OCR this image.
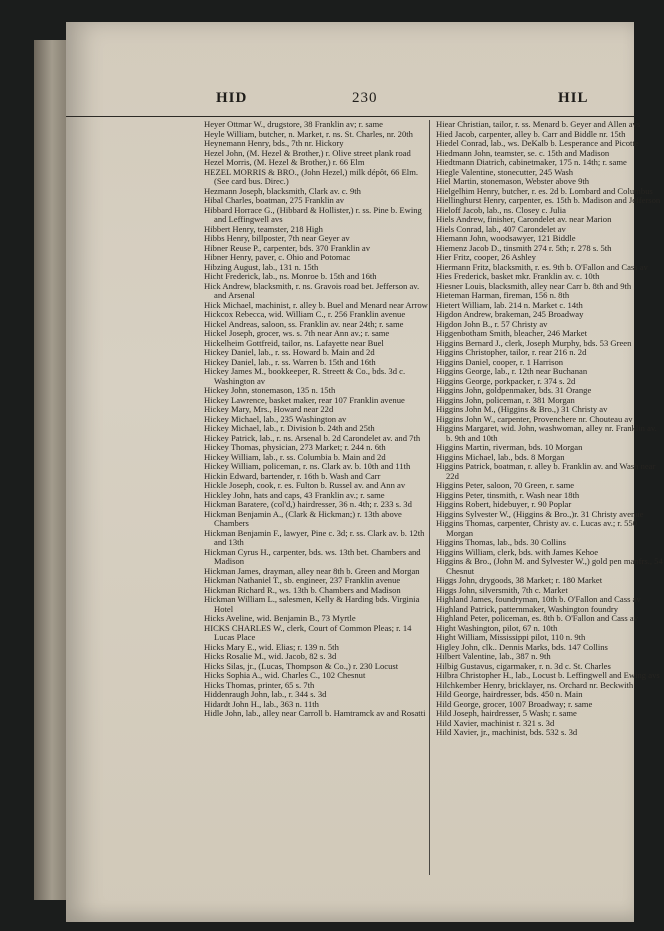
HID	230	HIL

Heyer Ottmar W., drugstore, 38 Franklin av; r. same

Heyle William, butcher, n. Market, r. ns. St. Charles, nr. 20th

Heynemann Henry, bds., 7th nr. Hickory

Hezel John, (M. Hezel & Brother,) r. Olive street plank road

Hezel Morris, (M. Hezel & Brother,) r. 66 Elm

HEZEL MORRIS & BRO., (John Hezel,) milk dépôt, 66 Elm. (See card bus. Direc.)

Hezmann Joseph, blacksmith, Clark av. c. 9th

Hibal Charles, boatman, 275 Franklin av

Hibbard Horrace G., (Hibbard & Hollister,) r. ss. Pine b. Ewing and Leffingwell avs

Hibbert Henry, teamster, 218 High

Hibbs Henry, billposter, 7th near Geyer av

Hibner Reuse P., carpenter, bds. 370 Franklin av

Hibner Henry, paver, c. Ohio and Potomac

Hibzing August, lab., 131 n. 15th

Hicht Frederick, lab., ns. Monroe b. 15th and 16th

Hick Andrew, blacksmith, r. ns. Gravois road bet. Jefferson av. and Arsenal

Hick Michael, machinist, r. alley b. Buel and Menard near Arrow

Hickcox Rebecca, wid. William C., r. 256 Franklin avenue

Hickel Andreas, saloon, ss. Franklin av. near 24th; r. same

Hickel Joseph, grocer, ws. s. 7th near Ann av.; r. same

Hickelheim Gottfreid, tailor, ns. Lafayette near Buel

Hickey Daniel, lab., r. ss. Howard b. Main and 2d

Hickey Daniel, lab., r. ss. Warren b. 15th and 16th

Hickey James M., bookkeeper, R. Streett & Co., bds. 3d c. Washington av

Hickey John, stonemason, 135 n. 15th

Hickey Lawrence, basket maker, rear 107 Franklin avenue

Hickey Mary, Mrs., Howard near 22d

Hickey Michael, lab., 235 Washington av

Hickey Michael, lab., r. Division b. 24th and 25th

Hickey Patrick, lab., r. ns. Arsenal b. 2d Carondelet av. and 7th

Hickey Thomas, physician, 273 Market; r. 244 n. 6th

Hickey William, lab., r. ss. Columbia b. Main and 2d

Hickey William, policeman, r. ns. Clark av. b. 10th and 11th

Hickin Edward, bartender, r. 16th b. Wash and Carr

Hickle Joseph, cook, r. es. Fulton b. Russel av. and Ann av

Hickley John, hats and caps, 43 Franklin av.; r. same

Hickman Baratere, (col'd,) hairdresser, 36 n. 4th; r. 233 s. 3d

Hickman Benjamin A., (Clark & Hickman;) r. 13th above Chambers

Hickman Benjamin F., lawyer, Pine c. 3d; r. ss. Clark av. b. 12th and 13th

Hickman Cyrus H., carpenter, bds. ws. 13th bet. Chambers and Madison

Hickman James, drayman, alley near 8th b. Green and Morgan

Hickman Nathaniel T., sb. engineer, 237 Franklin avenue

Hickman Richard R., ws. 13th b. Chambers and Madison

Hickman William L., salesmen, Kelly & Harding bds. Virginia Hotel

Hicks Aveline, wid. Benjamin B., 73 Myrtle

HICKS CHARLES W., clerk, Court of Common Pleas; r. 14 Lucas Place

Hicks Mary E., wid. Elias; r. 139 n. 5th

Hicks Rosalie M., wid. Jacob, 82 s. 3d

Hicks Silas, jr., (Lucas, Thompson & Co.,) r. 230 Locust

Hicks Sophia A., wid. Charles C., 102 Chesnut

Hicks Thomas, printer, 65 s. 7th

Hiddenraugh John, lab., r. 344 s. 3d

Hidardt John H., lab., 363 n. 11th

Hidle John, lab., alley near Carroll b. Hamtramck av and Rosatti

Hiear Christian, tailor, r. ss. Menard b. Geyer and Allen avs

Hied Jacob, carpenter, alley b. Carr and Biddle nr. 15th

Hiedel Conrad, lab., ws. DeKalb b. Lesperance and Picotte

Hiedmann John, teamster, se. c. 15th and Madison

Hiedtmann Diatrich, cabinetmaker, 175 n. 14th; r. same

Hiegle Valentine, stonecutter, 245 Wash

Hiel Martin, stonemason, Webster above 9th

Hielgelhim Henry, butcher, r. es. 2d b. Lombard and Columbus

Hiellinghurst Henry, carpenter, es. 15th b. Madison and Jefferson

Hieloff Jacob, lab., ns. Closey c. Julia

Hiels Andrew, finisher, Carondelet av. near Marion

Hiels Conrad, lab., 407 Carondelet av

Hiemann John, woodsawyer, 121 Biddle

Hiemenz Jacob D., tinsmith 274 r. 5th; r. 278 s. 5th

Hier Fritz, cooper, 26 Ashley

Hiermann Fritz, blacksmith, r. es. 9th b. O'Fallon and Cass av

Hies Frederick, basket mkr. Franklin av. c. 10th

Hiesner Louis, blacksmith, alley near Carr b. 8th and 9th

Hieteman Harman, fireman, 156 n. 8th

Hietert William, lab. 214 n. Market c. 14th

Higdon Andrew, brakeman, 245 Broadway

Higdon John B., r. 57 Christy av

Higgenbotham Smith, bleacher, 246 Market

Higgins Bernard J., clerk, Joseph Murphy, bds. 53 Green

Higgins Christopher, tailor, r. rear 216 n. 2d

Higgins Daniel, cooper, r. 1 Harrison

Higgins George, lab., r. 12th near Buchanan

Higgins George, porkpacker, r. 374 s. 2d

Higgins John, goldpenmaker, bds. 31 Orange

Higgins John, policeman, r. 381 Morgan

Higgins John M., (Higgins & Bro.,) 31 Christy av

Higgins John W., carpenter, Provenchere nr. Chouteau av

Higgins Margaret, wid. John, washwoman, alley nr. Franklin av. b. 9th and 10th

Higgins Martin, riverman, bds. 10 Morgan

Higgins Michael, lab., bds. 8 Morgan

Higgins Patrick, boatman, r. alley b. Franklin av. and Wash near 22d

Higgins Peter, saloon, 70 Green, r. same

Higgins Peter, tinsmith, r. Wash near 18th

Higgins Robert, hidebuyer, r. 90 Poplar

Higgins Sylvester W., (Higgins & Bro.,)r. 31 Christy avenue

Higgins Thomas, carpenter, Christy av. c. Lucas av.; r. 550 Morgan

Higgins Thomas, lab., bds. 30 Collins

Higgins William, clerk, bds. with James Kehoe

Higgins & Bro., (John M. and Sylvester W.,) gold pen manfrs., 54 Chesnut

Higgs John, drygoods, 38 Market; r. 180 Market

Higgs John, silversmith, 7th c. Market

Highland James, foundryman, 10th b. O'Fallon and Cass av

Highland Patrick, patternmaker, Washington foundry

Highland Peter, policeman, es. 8th b. O'Fallon and Cass av

Hight Washington, pilot, 67 n. 10th

Hight William, Mississippi pilot, 110 n. 9th

Higley John, clk.. Dennis Marks, bds. 147 Collins

Hilbert Valentine, lab., 387 n. 9th

Hilbig Gustavus, cigarmaker, r. n. 3d c. St. Charles

Hilbra Christopher H., lab., Locust b. Leffingwell and Ewing avs

Hilchkember Henry, bricklayer, ns. Orchard nr. Beckwith

Hild George, hairdresser, bds. 450 n. Main

Hild George, grocer, 1007 Broadway; r. same

Hild Joseph, hairdresser, 5 Wash; r. same

Hild Xavier, machinist r. 321 s. 3d

Hild Xavier, jr., machinist, bds. 532 s. 3d
